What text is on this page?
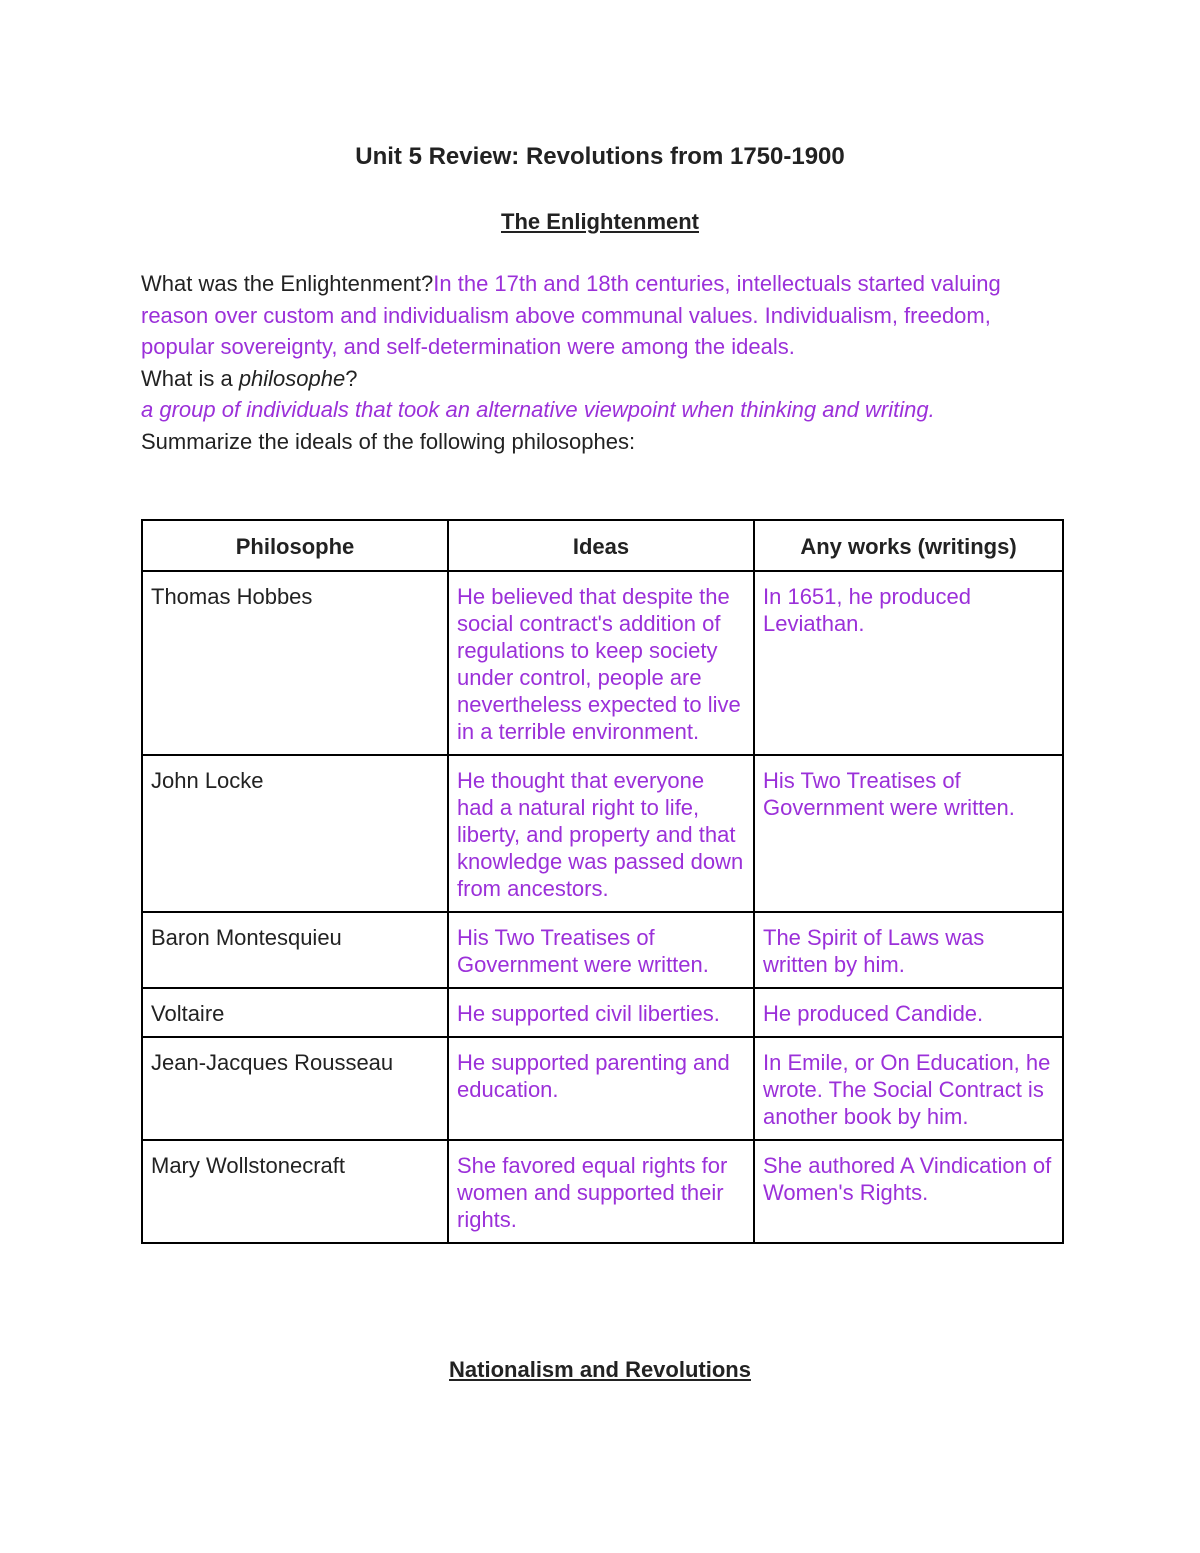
Unit 5 Review: Revolutions from 1750-1900
The Enlightenment

What was the Enlightenment?In the 17th and 18th centuries, intellectuals started valuing reason over custom and individualism above communal values. Individualism, freedom, popular sovereignty, and self-determination were among the ideals.

What is a philosophe?

a group of individuals that took an alternative viewpoint when thinking and writing.

Summarize the ideals of the following philosophes:

Philosophe	Ideas	Any works (writings)
Thomas Hobbes	He believed that despite the social contract's addition of regulations to keep society under control, people are nevertheless expected to live in a terrible environment.	In 1651, he produced Leviathan.
John Locke	He thought that everyone had a natural right to life, liberty, and property and that knowledge was passed down from ancestors.	His Two Treatises of Government were written.
Baron Montesquieu	His Two Treatises of Government were written.	The Spirit of Laws was written by him.
Voltaire	He supported civil liberties.	He produced Candide.
Jean-Jacques Rousseau	He supported parenting and education.	In Emile, or On Education, he wrote. The Social Contract is another book by him.
Mary Wollstonecraft	She favored equal rights for women and supported their rights.	She authored A Vindication of Women's Rights.
Nationalism and Revolutions
